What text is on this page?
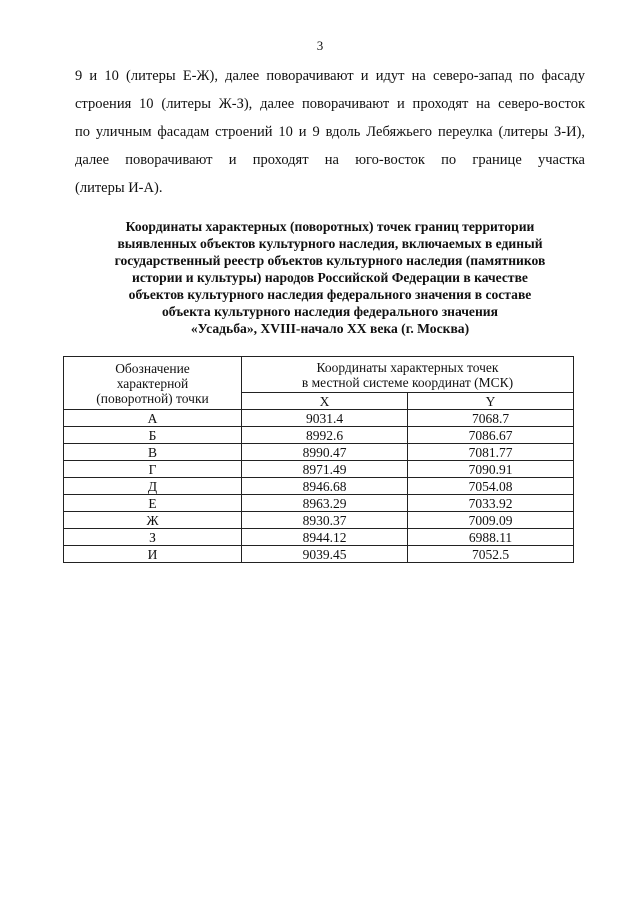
3
9 и 10 (литеры Е-Ж), далее поворачивают и идут на северо-запад по фасаду
строения 10 (литеры Ж-З), далее поворачивают и проходят на северо-восток
по уличным фасадам строений 10 и 9 вдоль Лебяжьего переулка (литеры З-И),
далее поворачивают и проходят на юго-восток по границе участка
(литеры И-А).
Координаты характерных (поворотных) точек границ территории
выявленных объектов культурного наследия, включаемых в единый
государственный реестр объектов культурного наследия (памятников
истории и культуры) народов Российской Федерации в качестве
объектов культурного наследия федерального значения в составе
объекта культурного наследия федерального значения
«Усадьба», XVIII-начало XX века (г. Москва)
Обозначение
характерной
(поворотной) точки	Координаты характерных точек
в местной системе координат (МСК)	
	X	Y
А	9031.4	7068.7
Б	8992.6	7086.67
В	8990.47	7081.77
Г	8971.49	7090.91
Д	8946.68	7054.08
Е	8963.29	7033.92
Ж	8930.37	7009.09
З	8944.12	6988.11
И	9039.45	7052.5
